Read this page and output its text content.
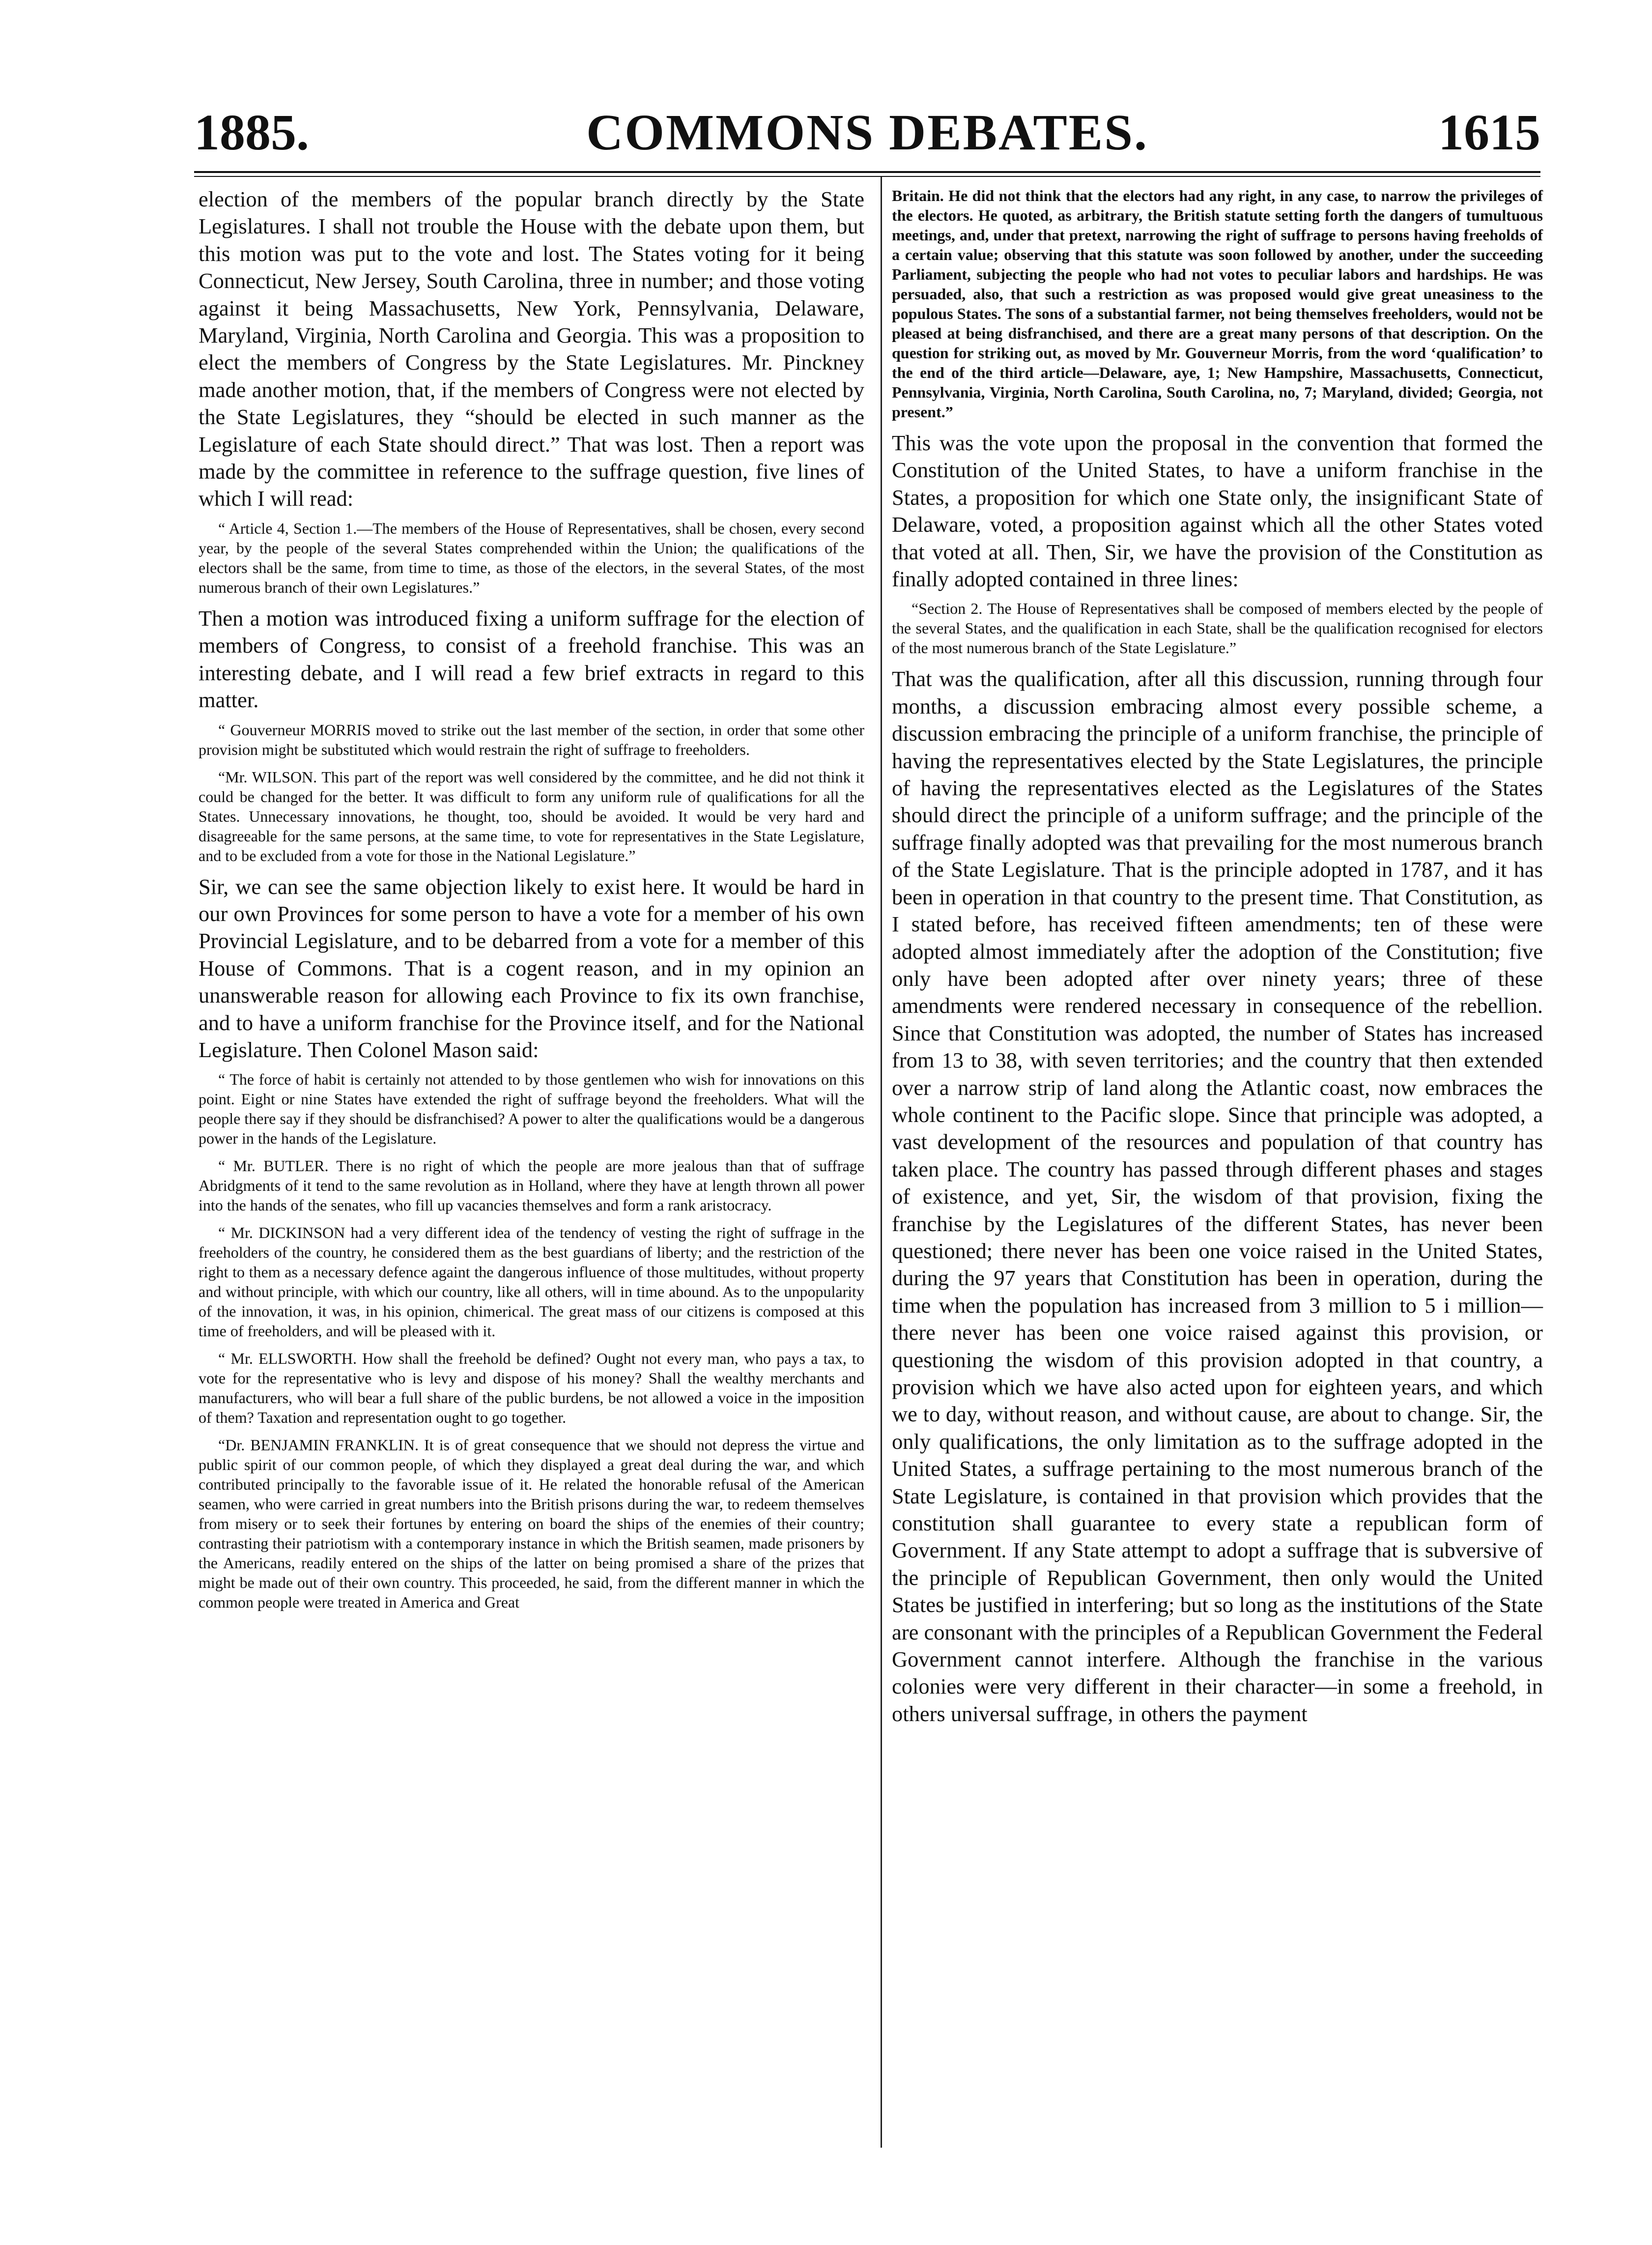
1885.	COMMONS DEBATES.	1615

election of the members of the popular branch directly by the State Legislatures. I shall not trouble the House with the debate upon them, but this motion was put to the vote and lost. The States voting for it being Connecticut, New Jersey, South Carolina, three in number; and those voting against it being Massachusetts, New York, Pennsylvania, Delaware, Maryland, Virginia, North Carolina and Georgia. This was a proposition to elect the members of Congress by the State Legislatures. Mr. Pinckney made another motion, that, if the members of Congress were not elected by the State Legislatures, they “should be elected in such manner as the Legislature of each State should direct.” That was lost. Then a report was made by the committee in reference to the suffrage question, five lines of which I will read:

“ Article 4, Section 1.—The members of the House of Representatives, shall be chosen, every second year, by the people of the several States comprehended within the Union; the qualifications of the electors shall be the same, from time to time, as those of the electors, in the several States, of the most numerous branch of their own Legislatures.”

Then a motion was introduced fixing a uniform suffrage for the election of members of Congress, to consist of a freehold franchise. This was an interesting debate, and I will read a few brief extracts in regard to this matter.

“ Gouverneur MORRIS moved to strike out the last member of the section, in order that some other provision might be substituted which would restrain the right of suffrage to freeholders.

“Mr. WILSON. This part of the report was well considered by the committee, and he did not think it could be changed for the better. It was difficult to form any uniform rule of qualifications for all the States. Unnecessary innovations, he thought, too, should be avoided. It would be very hard and disagreeable for the same persons, at the same time, to vote for representatives in the State Legislature, and to be excluded from a vote for those in the National Legislature.”

Sir, we can see the same objection likely to exist here. It would be hard in our own Provinces for some person to have a vote for a member of his own Provincial Legislature, and to be debarred from a vote for a member of this House of Commons. That is a cogent reason, and in my opinion an unanswerable reason for allowing each Province to fix its own franchise, and to have a uniform franchise for the Province itself, and for the National Legislature. Then Colonel Mason said:

“ The force of habit is certainly not attended to by those gentlemen who wish for innovations on this point. Eight or nine States have extended the right of suffrage beyond the freeholders. What will the people there say if they should be disfranchised? A power to alter the qualifications would be a dangerous power in the hands of the Legislature.

“ Mr. BUTLER. There is no right of which the people are more jealous than that of suffrage Abridgments of it tend to the same revolution as in Holland, where they have at length thrown all power into the hands of the senates, who fill up vacancies themselves and form a rank aristocracy.

“ Mr. DICKINSON had a very different idea of the tendency of vesting the right of suffrage in the freeholders of the country, he considered them as the best guardians of liberty; and the restriction of the right to them as a necessary defence againt the dangerous influence of those multitudes, without property and without principle, with which our country, like all others, will in time abound. As to the unpopularity of the innovation, it was, in his opinion, chimerical. The great mass of our citizens is composed at this time of freeholders, and will be pleased with it.

“ Mr. ELLSWORTH. How shall the freehold be defined? Ought not every man, who pays a tax, to vote for the representative who is levy and dispose of his money? Shall the wealthy merchants and manufacturers, who will bear a full share of the public burdens, be not allowed a voice in the imposition of them? Taxation and representation ought to go together.

“Dr. BENJAMIN FRANKLIN. It is of great consequence that we should not depress the virtue and public spirit of our common people, of which they displayed a great deal during the war, and which contributed principally to the favorable issue of it. He related the honorable refusal of the American seamen, who were carried in great numbers into the British prisons during the war, to redeem themselves from misery or to seek their fortunes by entering on board the ships of the enemies of their country; contrasting their patriotism with a contemporary instance in which the British seamen, made prisoners by the Americans, readily entered on the ships of the latter on being promised a share of the prizes that might be made out of their own country. This proceeded, he said, from the different manner in which the common people were treated in America and Great

Britain. He did not think that the electors had any right, in any case, to narrow the privileges of the electors. He quoted, as arbitrary, the British statute setting forth the dangers of tumultuous meetings, and, under that pretext, narrowing the right of suffrage to persons having freeholds of a certain value; observing that this statute was soon followed by another, under the succeeding Parliament, subjecting the people who had not votes to peculiar labors and hardships. He was persuaded, also, that such a restriction as was proposed would give great uneasiness to the populous States. The sons of a substantial farmer, not being themselves freeholders, would not be pleased at being disfranchised, and there are a great many persons of that description. On the question for striking out, as moved by Mr. Gouverneur Morris, from the word ‘qualification’ to the end of the third article—Delaware, aye, 1; New Hampshire, Massachusetts, Connecticut, Pennsylvania, Virginia, North Carolina, South Carolina, no, 7; Maryland, divided; Georgia, not present.”

This was the vote upon the proposal in the convention that formed the Constitution of the United States, to have a uniform franchise in the States, a proposition for which one State only, the insignificant State of Delaware, voted, a proposition against which all the other States voted that voted at all. Then, Sir, we have the provision of the Constitution as finally adopted contained in three lines:

“Section 2. The House of Representatives shall be composed of members elected by the people of the several States, and the qualification in each State, shall be the qualification recognised for electors of the most numerous branch of the State Legislature.”

That was the qualification, after all this discussion, running through four months, a discussion embracing almost every possible scheme, a discussion embracing the principle of a uniform franchise, the principle of having the representatives elected by the State Legislatures, the principle of having the representatives elected as the Legislatures of the States should direct the principle of a uniform suffrage; and the principle of the suffrage finally adopted was that prevailing for the most numerous branch of the State Legislature. That is the principle adopted in 1787, and it has been in operation in that country to the present time. That Constitution, as I stated before, has received fifteen amendments; ten of these were adopted almost immediately after the adoption of the Constitution; five only have been adopted after over ninety years; three of these amendments were rendered necessary in consequence of the rebellion. Since that Constitution was adopted, the number of States has increased from 13 to 38, with seven territories; and the country that then extended over a narrow strip of land along the Atlantic coast, now embraces the whole continent to the Pacific slope. Since that principle was adopted, a vast development of the resources and population of that country has taken place. The country has passed through different phases and stages of existence, and yet, Sir, the wisdom of that provision, fixing the franchise by the Legislatures of the different States, has never been questioned; there never has been one voice raised in the United States, during the 97 years that Constitution has been in operation, during the time when the population has increased from 3 million to 5 i million—there never has been one voice raised against this provision, or questioning the wisdom of this provision adopted in that country, a provision which we have also acted upon for eighteen years, and which we to day, without reason, and without cause, are about to change. Sir, the only qualifications, the only limitation as to the suffrage adopted in the United States, a suffrage pertaining to the most numerous branch of the State Legislature, is contained in that provision which provides that the constitution shall guarantee to every state a republican form of Government. If any State attempt to adopt a suffrage that is subversive of the principle of Republican Government, then only would the United States be justified in interfering; but so long as the institutions of the State are consonant with the principles of a Republican Government the Federal Government cannot interfere. Although the franchise in the various colonies were very different in their character—in some a freehold, in others universal suffrage, in others the payment
